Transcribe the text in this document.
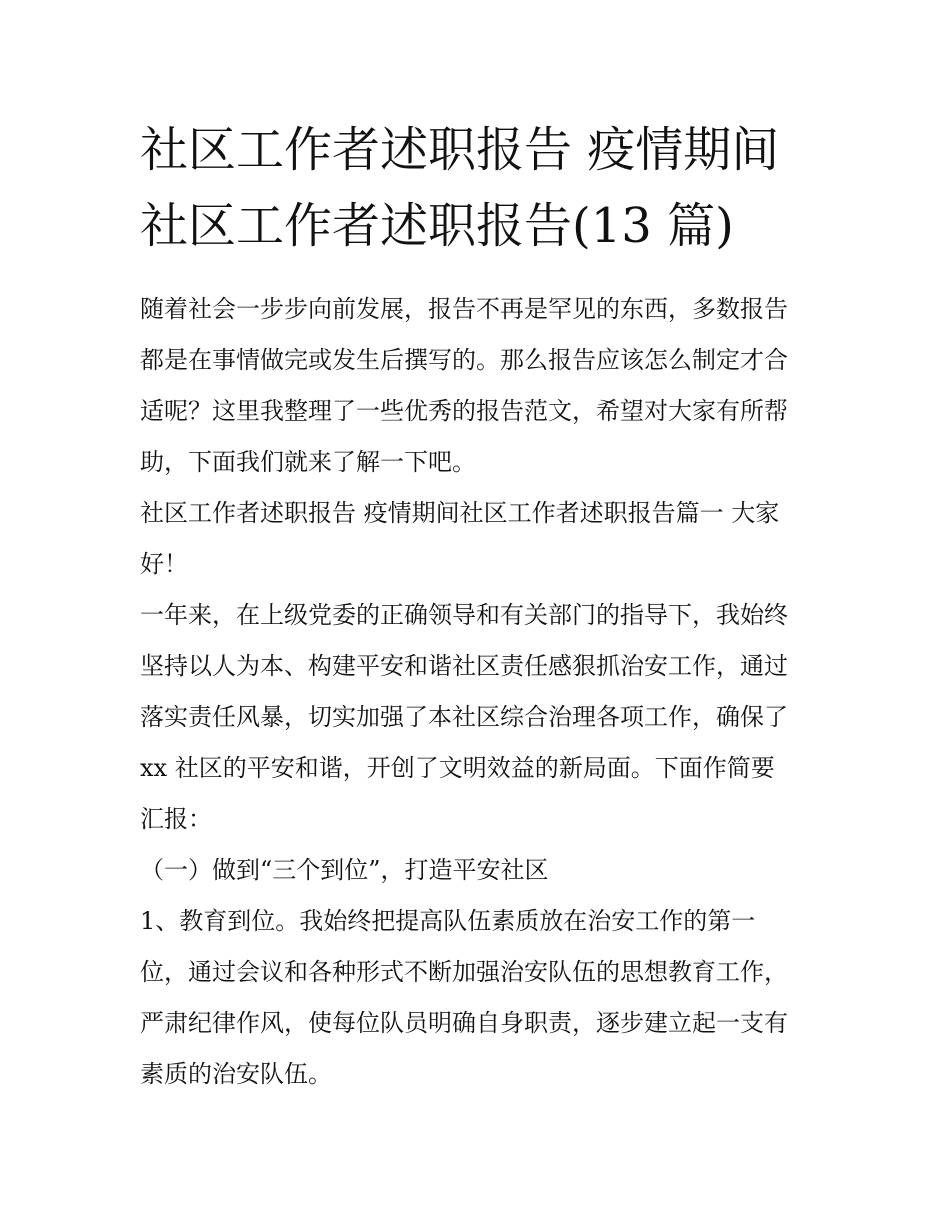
社区工作者述职报告 疫情期间
社区工作者述职报告(13 篇)

随着社会一步步向前发展，报告不再是罕见的东西，多数报告
都是在事情做完或发生后撰写的。那么报告应该怎么制定才合
适呢？这里我整理了一些优秀的报告范文，希望对大家有所帮
助，下面我们就来了解一下吧。

社区工作者述职报告 疫情期间社区工作者述职报告篇一 大家
好！

一年来，在上级党委的正确领导和有关部门的指导下，我始终
坚持以人为本、构建平安和谐社区责任感狠抓治安工作，通过
落实责任风暴，切实加强了本社区综合治理各项工作，确保了
xx 社区的平安和谐，开创了文明效益的新局面。下面作简要
汇报：

（一）做到“三个到位”，打造平安社区

1、教育到位。我始终把提高队伍素质放在治安工作的第一
位，通过会议和各种形式不断加强治安队伍的思想教育工作，
严肃纪律作风，使每位队员明确自身职责，逐步建立起一支有
素质的治安队伍。
